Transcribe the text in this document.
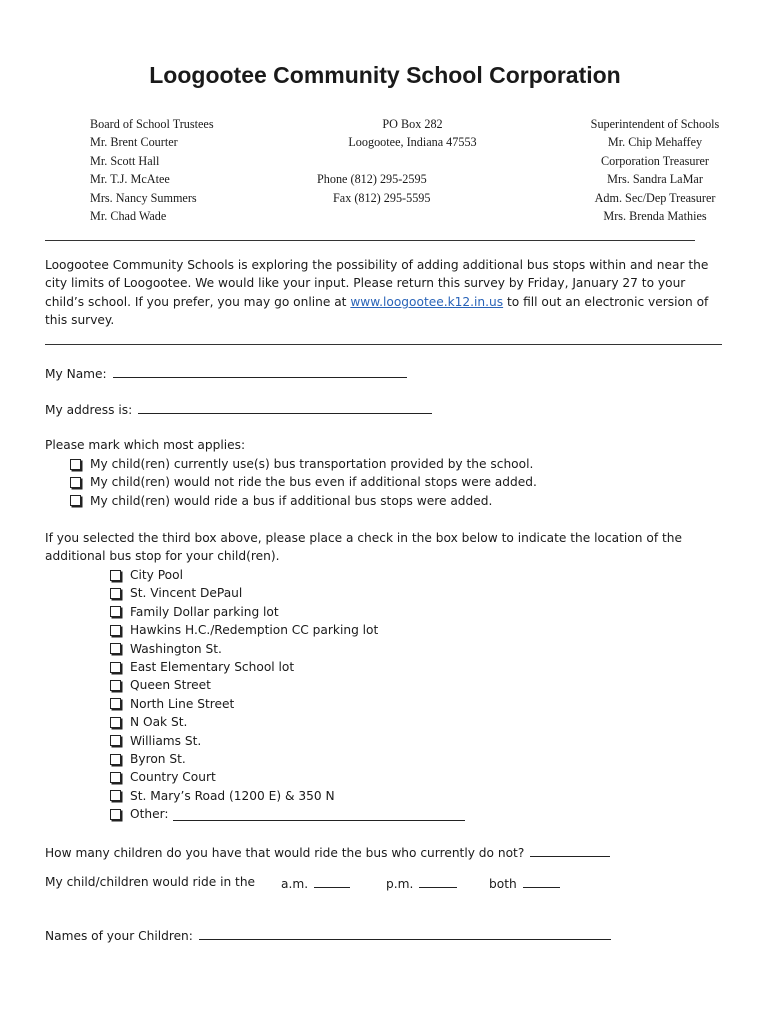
Loogootee Community School Corporation
Board of School Trustees
Mr. Brent Courter
Mr. Scott Hall
Mr. T.J. McAtee
Mrs. Nancy Summers
Mr. Chad Wade
PO Box 282
Loogootee, Indiana 47553

Phone (812) 295-2595
Fax (812) 295-5595
Superintendent of Schools
Mr. Chip Mehaffey
Corporation Treasurer
Mrs. Sandra LaMar
Adm. Sec/Dep Treasurer
Mrs. Brenda Mathies
Loogootee Community Schools is exploring the possibility of adding additional bus stops within and near the
city limits of Loogootee. We would like your input. Please return this survey by Friday, January 27 to your
child’s school. If you prefer, you may go online at www.loogootee.k12.in.us to fill out an electronic version of
this survey.
My Name:
My address is:
Please mark which most applies:
My child(ren) currently use(s) bus transportation provided by the school.
My child(ren) would not ride the bus even if additional stops were added.
My child(ren) would ride a bus if additional bus stops were added.
If you selected the third box above, please place a check in the box below to indicate the location of the
additional bus stop for your child(ren).
City Pool
St. Vincent DePaul
Family Dollar parking lot
Hawkins H.C./Redemption CC parking lot
Washington St.
East Elementary School lot
Queen Street
North Line Street
N Oak St.
Williams St.
Byron St.
Country Court
St. Mary’s Road (1200 E) & 350 N
Other:
How many children do you have that would ride the bus who currently do not?
My child/children would ride in the a.m.	p.m.	both
Names of your Children:
